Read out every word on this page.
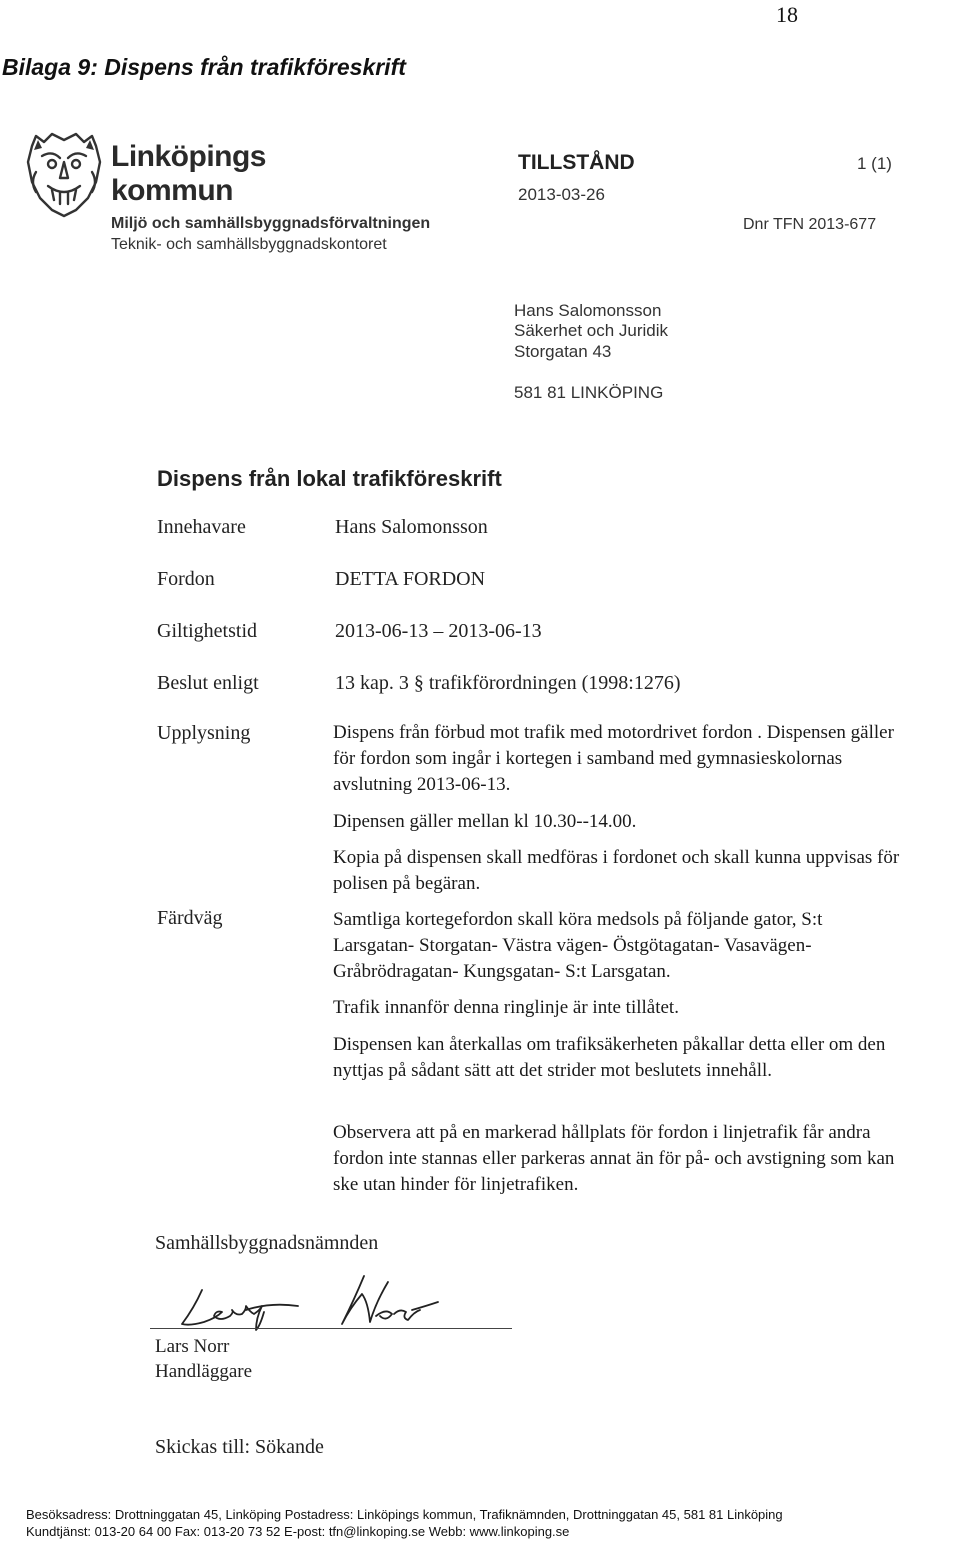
18
Bilaga 9: Dispens från trafikföreskrift
Linköpings
kommun
Miljö och samhällsbyggnadsförvaltningen
Teknik- och samhällsbyggnadskontoret
TILLSTÅND
2013-03-26
1 (1)
Dnr TFN 2013-677
Hans Salomonsson
Säkerhet och Juridik
Storgatan 43
581 81 LINKÖPING
Dispens från lokal trafikföreskrift
Innehavare	Hans Salomonsson
Fordon	DETTA FORDON
Giltighetstid	2013-06-13 – 2013-06-13
Beslut enligt	13 kap. 3 § trafikförordningen (1998:1276)
Upplysning	Dispens från förbud mot trafik med motordrivet fordon . Dispensen gäller för fordon som ingår i kortegen i samband med gymnasieskolornas avslutning 2013-06-13.
Dipensen gäller mellan kl 10.30--14.00.
Kopia på dispensen skall medföras i fordonet och skall kunna uppvisas för polisen på begäran.
Färdväg	Samtliga kortegefordon skall köra medsols på följande gator, S:t Larsgatan- Storgatan- Västra vägen- Östgötagatan- Vasavägen- Gråbrödragatan- Kungsgatan- S:t Larsgatan.
Trafik innanför denna ringlinje är inte tillåtet.
Dispensen kan återkallas om trafiksäkerheten påkallar detta eller om den nyttjas på sådant sätt att det strider mot beslutets innehåll.
Observera att på en markerad hållplats för fordon i linjetrafik får andra fordon inte stannas eller parkeras annat än för på- och avstigning som kan ske utan hinder för linjetrafiken.
Samhällsbyggnadsnämnden
Lars Norr
Handläggare
Skickas till: Sökande
Besöksadress: Drottninggatan 45, Linköping Postadress: Linköpings kommun, Trafiknämnden, Drottninggatan 45, 581 81 Linköping
Kundtjänst: 013-20 64 00 Fax: 013-20 73 52 E-post: tfn@linkoping.se Webb: www.linkoping.se
